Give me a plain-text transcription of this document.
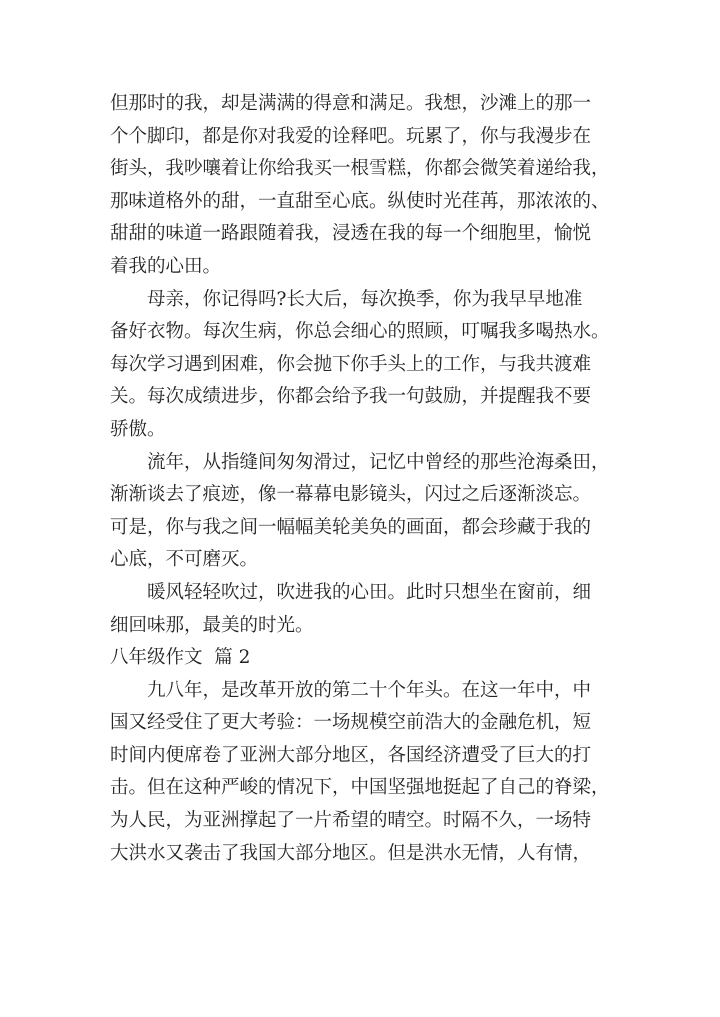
但那时的我，却是满满的得意和满足。我想，沙滩上的那一
个个脚印，都是你对我爱的诠释吧。玩累了，你与我漫步在
街头，我吵嚷着让你给我买一根雪糕，你都会微笑着递给我，
那味道格外的甜，一直甜至心底。纵使时光荏苒，那浓浓的、
甜甜的味道一路跟随着我，浸透在我的每一个细胞里，愉悦
着我的心田。

母亲，你记得吗?长大后，每次换季，你为我早早地准
备好衣物。每次生病，你总会细心的照顾，叮嘱我多喝热水。
每次学习遇到困难，你会抛下你手头上的工作，与我共渡难
关。每次成绩进步，你都会给予我一句鼓励，并提醒我不要
骄傲。

流年，从指缝间匆匆滑过，记忆中曾经的那些沧海桑田，
渐渐谈去了痕迹，像一幕幕电影镜头，闪过之后逐渐淡忘。
可是，你与我之间一幅幅美轮美奂的画面，都会珍藏于我的
心底，不可磨灭。

暖风轻轻吹过，吹进我的心田。此时只想坐在窗前，细
细回味那，最美的时光。

八年级作文  篇 2

九八年，是改革开放的第二十个年头。在这一年中，中
国又经受住了更大考验：一场规模空前浩大的金融危机，短
时间内便席卷了亚洲大部分地区，各国经济遭受了巨大的打
击。但在这种严峻的情况下，中国坚强地挺起了自己的脊梁，
为人民，为亚洲撑起了一片希望的晴空。时隔不久，一场特
大洪水又袭击了我国大部分地区。但是洪水无情，人有情，
